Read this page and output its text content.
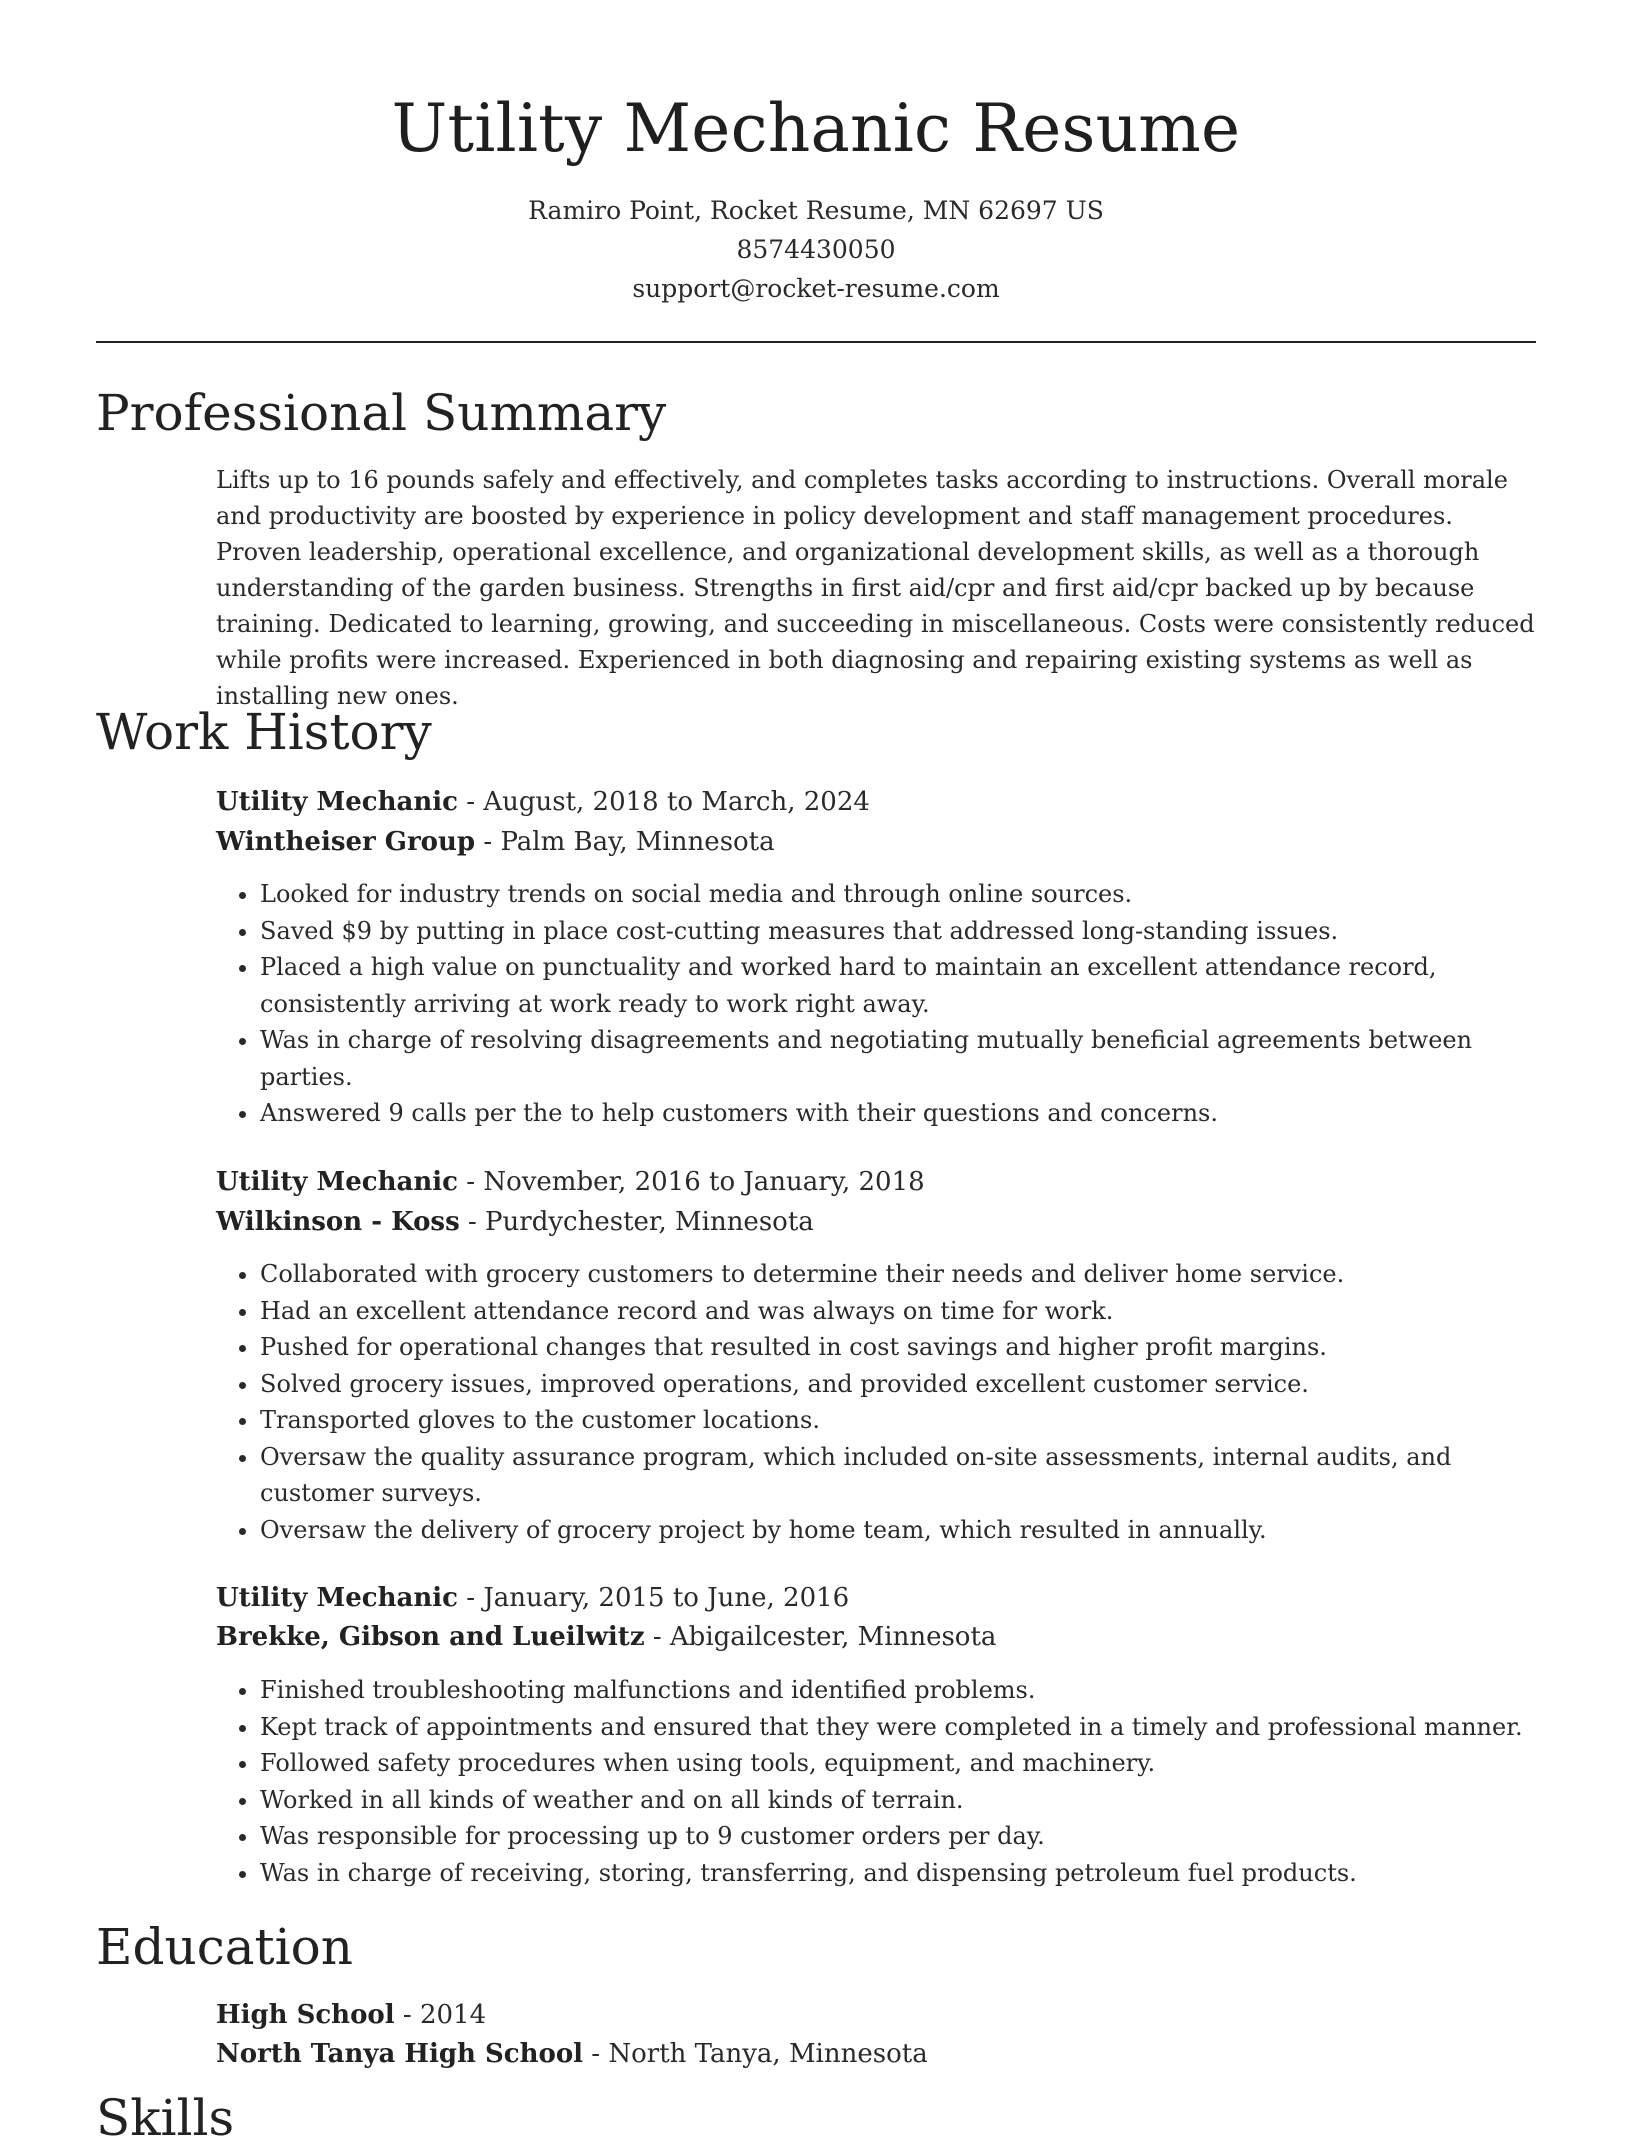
Utility Mechanic Resume
Ramiro Point, Rocket Resume, MN 62697 US
8574430050
support@rocket-resume.com
Professional Summary
Lifts up to 16 pounds safely and effectively, and completes tasks according to instructions. Overall morale and productivity are boosted by experience in policy development and staff management procedures. Proven leadership, operational excellence, and organizational development skills, as well as a thorough understanding of the garden business. Strengths in first aid/cpr and first aid/cpr backed up by because training. Dedicated to learning, growing, and succeeding in miscellaneous. Costs were consistently reduced while profits were increased. Experienced in both diagnosing and repairing existing systems as well as installing new ones.
Work History
Utility Mechanic - August, 2018 to March, 2024
Wintheiser Group - Palm Bay, Minnesota
• Looked for industry trends on social media and through online sources.
• Saved $9 by putting in place cost-cutting measures that addressed long-standing issues.
• Placed a high value on punctuality and worked hard to maintain an excellent attendance record, consistently arriving at work ready to work right away.
• Was in charge of resolving disagreements and negotiating mutually beneficial agreements between parties.
• Answered 9 calls per the to help customers with their questions and concerns.
Utility Mechanic - November, 2016 to January, 2018
Wilkinson - Koss - Purdychester, Minnesota
• Collaborated with grocery customers to determine their needs and deliver home service.
• Had an excellent attendance record and was always on time for work.
• Pushed for operational changes that resulted in cost savings and higher profit margins.
• Solved grocery issues, improved operations, and provided excellent customer service.
• Transported gloves to the customer locations.
• Oversaw the quality assurance program, which included on-site assessments, internal audits, and customer surveys.
• Oversaw the delivery of grocery project by home team, which resulted in annually.
Utility Mechanic - January, 2015 to June, 2016
Brekke, Gibson and Lueilwitz - Abigailcester, Minnesota
• Finished troubleshooting malfunctions and identified problems.
• Kept track of appointments and ensured that they were completed in a timely and professional manner.
• Followed safety procedures when using tools, equipment, and machinery.
• Worked in all kinds of weather and on all kinds of terrain.
• Was responsible for processing up to 9 customer orders per day.
• Was in charge of receiving, storing, transferring, and dispensing petroleum fuel products.
Education
High School - 2014
North Tanya High School - North Tanya, Minnesota
Skills
